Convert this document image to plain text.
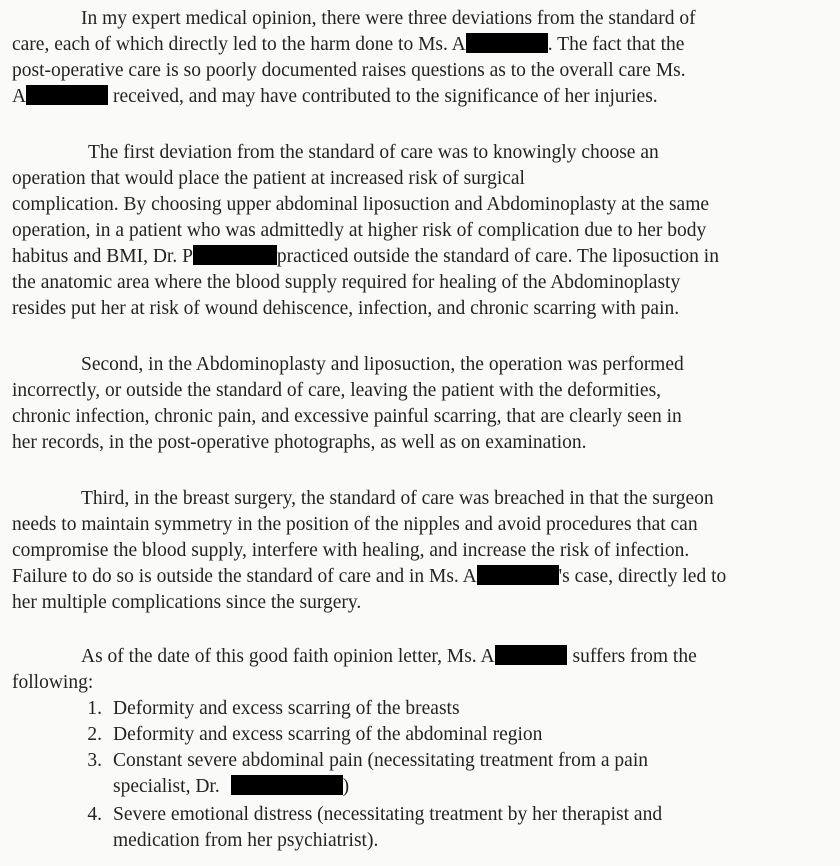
In my expert medical opinion, there were three deviations from the standard of
care, each of which directly led to the harm done to Ms. A	. The fact that the
post-operative care is so poorly documented raises questions as to the overall care Ms.
A	received, and may have contributed to the significance of her injuries.
The first deviation from the standard of care was to knowingly choose an
operation that would place the patient at increased risk of surgical
complication. By choosing upper abdominal liposuction and Abdominoplasty at the same
operation, in a patient who was admittedly at higher risk of complication due to her body
habitus and BMI, Dr. P	practiced outside the standard of care. The liposuction in
the anatomic area where the blood supply required for healing of the Abdominoplasty
resides put her at risk of wound dehiscence, infection, and chronic scarring with pain.
Second, in the Abdominoplasty and liposuction, the operation was performed
incorrectly, or outside the standard of care, leaving the patient with the deformities,
chronic infection, chronic pain, and excessive painful scarring, that are clearly seen in
her records, in the post-operative photographs, as well as on examination.
Third, in the breast surgery, the standard of care was breached in that the surgeon
needs to maintain symmetry in the position of the nipples and avoid procedures that can
compromise the blood supply, interfere with healing, and increase the risk of infection.
Failure to do so is outside the standard of care and in Ms. A	's case, directly led to
her multiple complications since the surgery.
As of the date of this good faith opinion letter, Ms. A	suffers from the
following:
1. Deformity and excess scarring of the breasts
2. Deformity and excess scarring of the abdominal region
3. Constant severe abdominal pain (necessitating treatment from a pain
specialist, Dr.	)
4. Severe emotional distress (necessitating treatment by her therapist and
medication from her psychiatrist).
